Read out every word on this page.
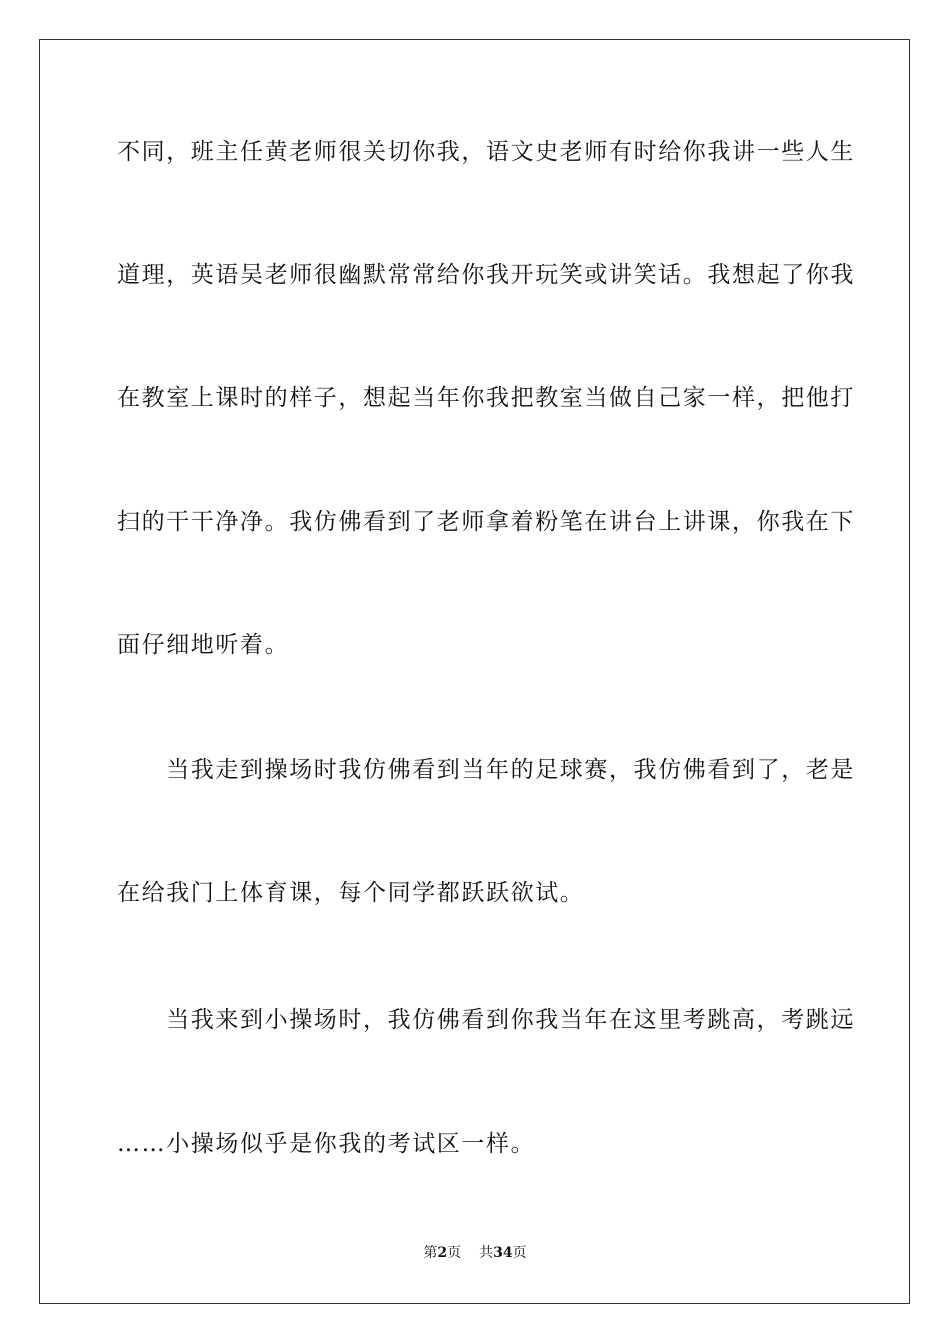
不同，班主任黄老师很关切你我，语文史老师有时给你我讲一些人生
道理，英语吴老师很幽默常常给你我开玩笑或讲笑话。我想起了你我
在教室上课时的样子，想起当年你我把教室当做自己家一样，把他打
扫的干干净净。我仿佛看到了老师拿着粉笔在讲台上讲课，你我在下
面仔细地听着。
　　当我走到操场时我仿佛看到当年的足球赛，我仿佛看到了，老是
在给我门上体育课，每个同学都跃跃欲试。
　　当我来到小操场时，我仿佛看到你我当年在这里考跳高，考跳远
……小操场似乎是你我的考试区一样。
第2页 共34页
